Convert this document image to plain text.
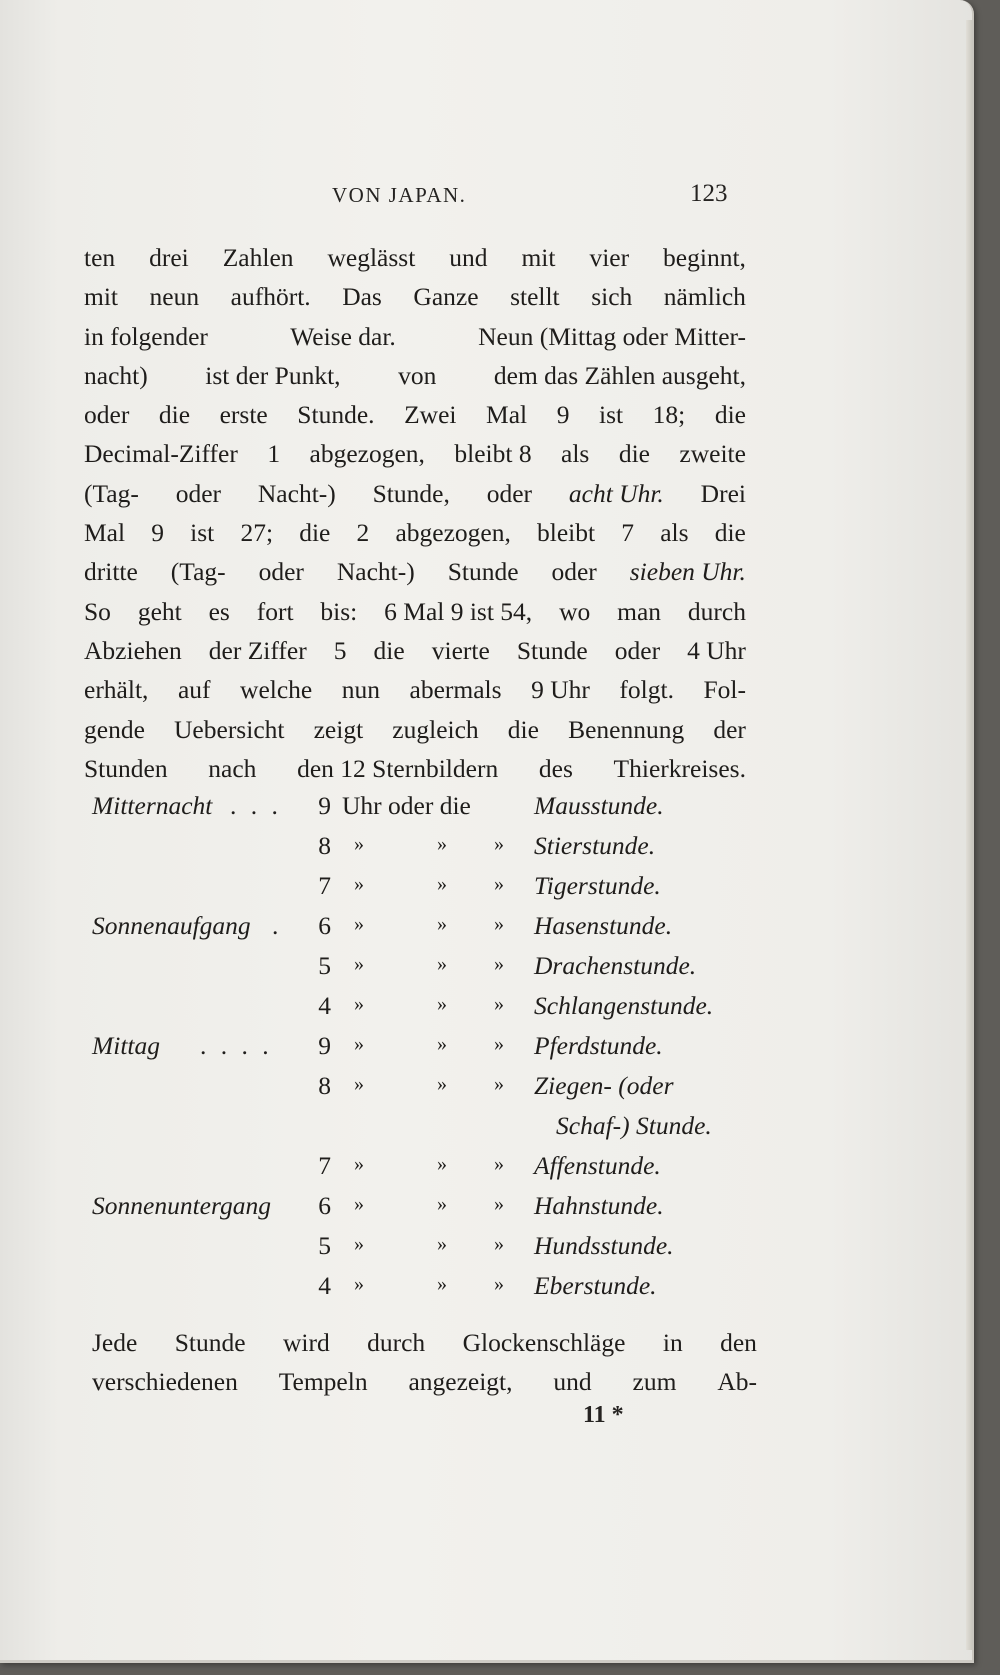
VON JAPAN.	123
ten drei Zahlen weglässt und mit vier beginnt,
mit neun aufhört. Das Ganze stellt sich nämlich
in folgender	Weise dar.	Neun (Mittag oder Mitter-
nacht) ist der Punkt, von dem das Zählen ausgeht,
oder die erste Stunde. Zwei Mal 9 ist 18; die
Decimal-Ziffer 1 abgezogen, bleibt 8 als die zweite
(Tag- oder Nacht-) Stunde, oder acht Uhr. Drei
Mal 9 ist 27; die 2 abgezogen, bleibt 7 als die
dritte (Tag- oder Nacht-) Stunde oder sieben Uhr.
So geht es fort bis: 6 Mal 9 ist 54, wo man durch
Abziehen der Ziffer 5 die vierte Stunde oder 4 Uhr
erhält, auf welche nun abermals 9 Uhr folgt. Fol-
gende Uebersicht zeigt zugleich die Benennung der
Stunden nach den 12 Sternbildern des Thierkreises.
Mitternacht . . . 9 Uhr oder die Mausstunde.
8 »	» » Stierstunde.
7 »	» » Tigerstunde.
Sonnenaufgang . 6 »	» » Hasenstunde.
5 »	» » Drachenstunde.
4 »	» » Schlangenstunde.
Mittag . . . . 9 »	» » Pferdstunde.
8 »	» » Ziegen- (oder
Schaf-) Stunde.
7 »	» » Affenstunde.
Sonnenuntergang 6 »	» » Hahnstunde.
5 »	» » Hundsstunde.
4 »	» » Eberstunde.
Jede Stunde wird durch Glockenschläge in den
verschiedenen Tempeln angezeigt, und zum Ab-
11 *
